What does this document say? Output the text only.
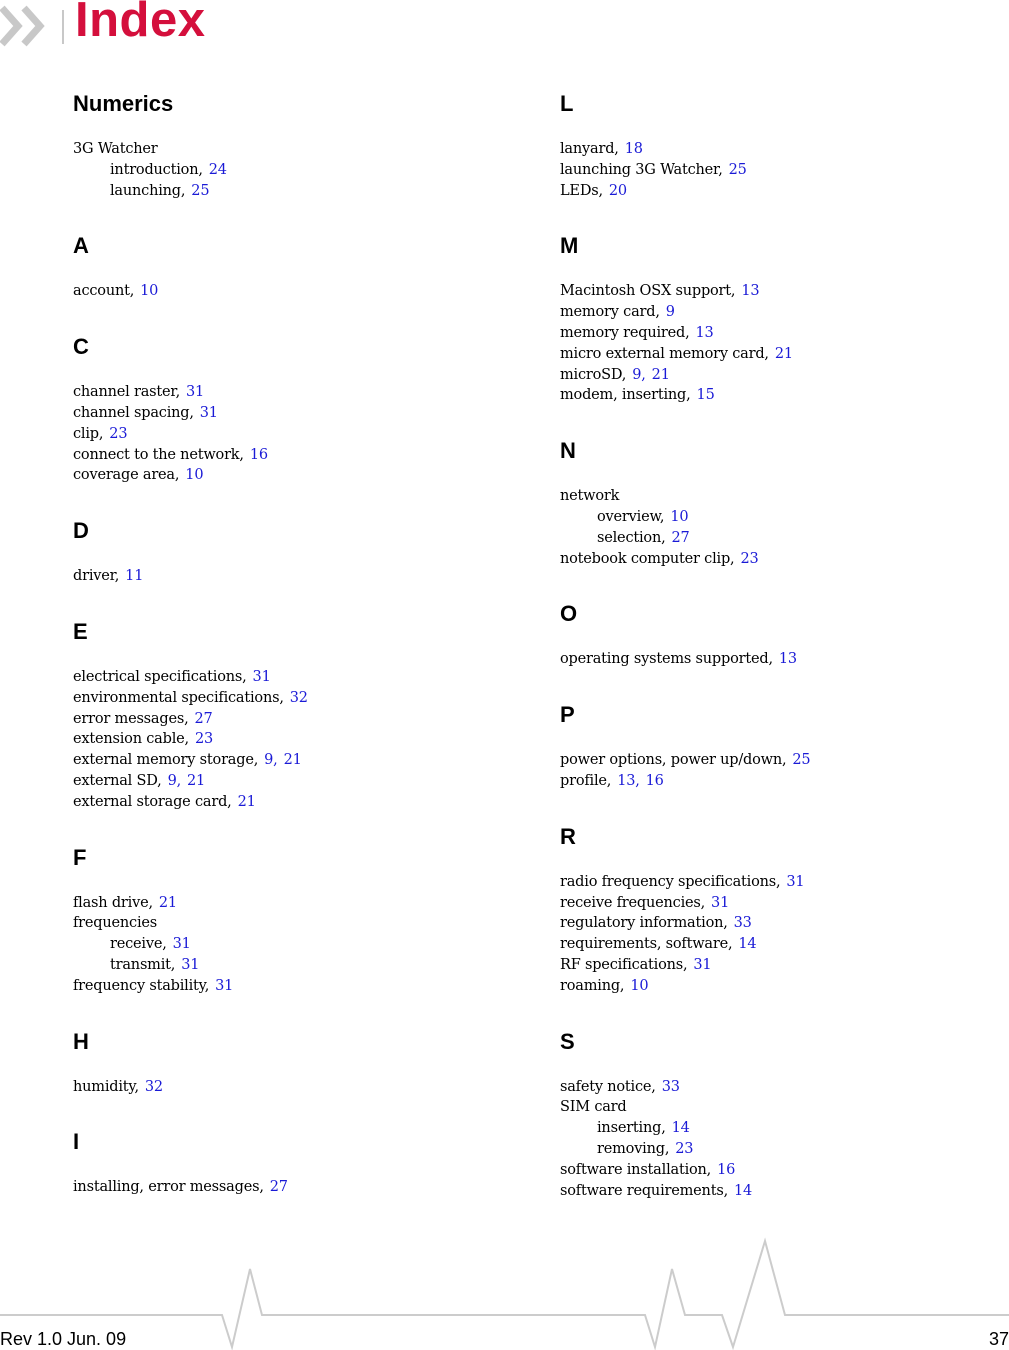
Index
Numerics
3G Watcher
introduction, 24
launching, 25
A
account, 10
C
channel raster, 31
channel spacing, 31
clip, 23
connect to the network, 16
coverage area, 10
D
driver, 11
E
electrical specifications, 31
environmental specifications, 32
error messages, 27
extension cable, 23
external memory storage, 9, 21
external SD, 9, 21
external storage card, 21
F
flash drive, 21
frequencies
receive, 31
transmit, 31
frequency stability, 31
H
humidity, 32
I
installing, error messages, 27
L
lanyard, 18
launching 3G Watcher, 25
LEDs, 20
M
Macintosh OSX support, 13
memory card, 9
memory required, 13
micro external memory card, 21
microSD, 9, 21
modem, inserting, 15
N
network
overview, 10
selection, 27
notebook computer clip, 23
O
operating systems supported, 13
P
power options, power up/down, 25
profile, 13, 16
R
radio frequency specifications, 31
receive frequencies, 31
regulatory information, 33
requirements, software, 14
RF specifications, 31
roaming, 10
S
safety notice, 33
SIM card
inserting, 14
removing, 23
software installation, 16
software requirements, 14
Rev 1.0 Jun. 09	37
